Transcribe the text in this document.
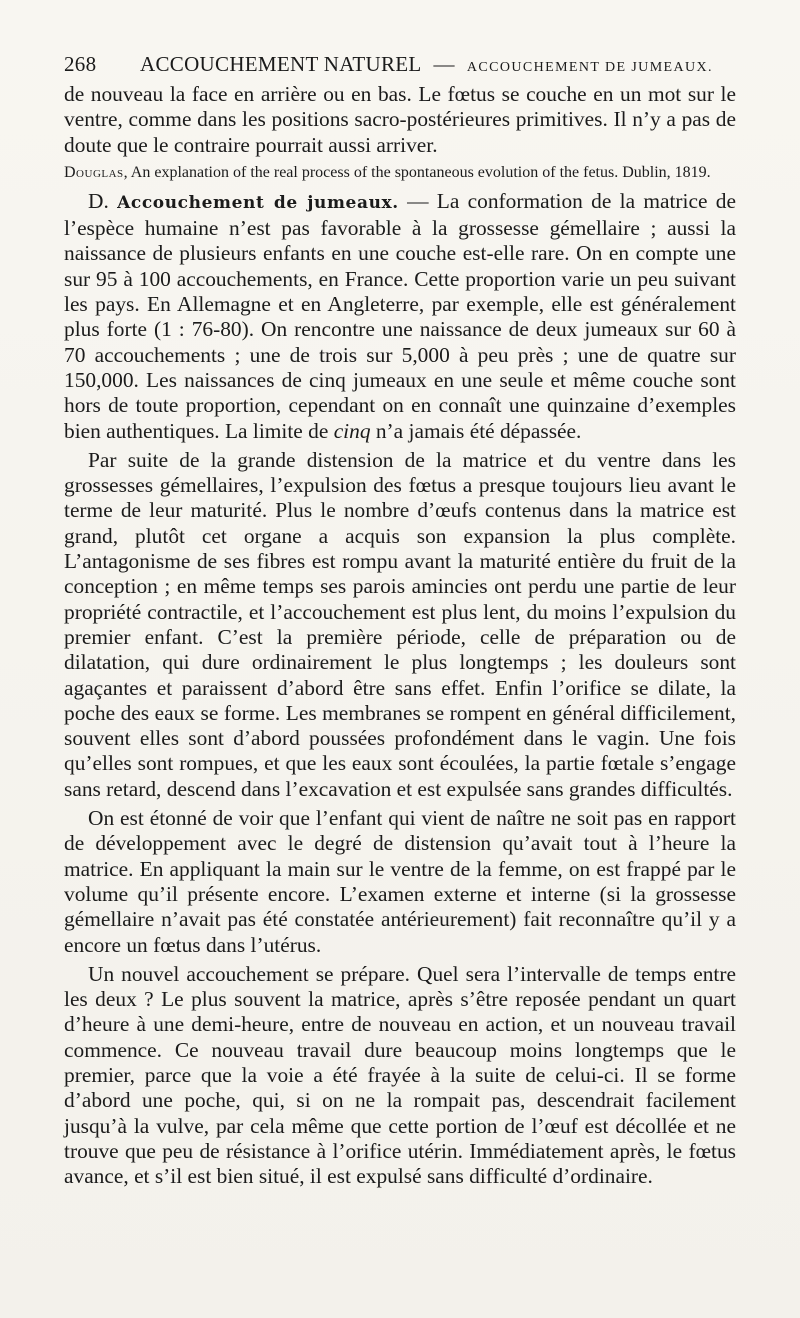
268	ACCOUCHEMENT NATUREL — ACCOUCHEMENT DE JUMEAUX.

de nouveau la face en arrière ou en bas. Le fœtus se couche en un mot sur le ventre, comme dans les positions sacro-postérieures primitives. Il n’y a pas de doute que le contraire pourrait aussi arriver.

Douglas, An explanation of the real process of the spontaneous evolution of the fetus. Dublin, 1819.

D. Accouchement de jumeaux. — La conformation de la matrice de l’espèce humaine n’est pas favorable à la grossesse gémellaire ; aussi la naissance de plusieurs enfants en une couche est-elle rare. On en compte une sur 95 à 100 accouchements, en France. Cette proportion varie un peu suivant les pays. En Allemagne et en Angleterre, par exemple, elle est généralement plus forte (1 : 76-80). On rencontre une naissance de deux jumeaux sur 60 à 70 accouchements ; une de trois sur 5,000 à peu près ; une de quatre sur 150,000. Les naissances de cinq jumeaux en une seule et même couche sont hors de toute proportion, cependant on en connaît une quinzaine d’exemples bien authentiques. La limite de cinq n’a jamais été dépassée.

Par suite de la grande distension de la matrice et du ventre dans les grossesses gémellaires, l’expulsion des fœtus a presque toujours lieu avant le terme de leur maturité. Plus le nombre d’œufs contenus dans la matrice est grand, plutôt cet organe a acquis son expansion la plus complète. L’antagonisme de ses fibres est rompu avant la maturité entière du fruit de la conception ; en même temps ses parois amincies ont perdu une partie de leur propriété contractile, et l’accouchement est plus lent, du moins l’expulsion du premier enfant. C’est la première période, celle de préparation ou de dilatation, qui dure ordinairement le plus longtemps ; les douleurs sont agaçantes et paraissent d’abord être sans effet. Enfin l’orifice se dilate, la poche des eaux se forme. Les membranes se rompent en général difficilement, souvent elles sont d’abord poussées profondément dans le vagin. Une fois qu’elles sont rompues, et que les eaux sont écoulées, la partie fœtale s’engage sans retard, descend dans l’excavation et est expulsée sans grandes difficultés.

On est étonné de voir que l’enfant qui vient de naître ne soit pas en rapport de développement avec le degré de distension qu’avait tout à l’heure la matrice. En appliquant la main sur le ventre de la femme, on est frappé par le volume qu’il présente encore. L’examen externe et interne (si la grossesse gémellaire n’avait pas été constatée antérieurement) fait reconnaître qu’il y a encore un fœtus dans l’utérus.

Un nouvel accouchement se prépare. Quel sera l’intervalle de temps entre les deux ? Le plus souvent la matrice, après s’être reposée pendant un quart d’heure à une demi-heure, entre de nouveau en action, et un nouveau travail commence. Ce nouveau travail dure beaucoup moins longtemps que le premier, parce que la voie a été frayée à la suite de celui-ci. Il se forme d’abord une poche, qui, si on ne la rompait pas, descendrait facilement jusqu’à la vulve, par cela même que cette portion de l’œuf est décollée et ne trouve que peu de résistance à l’orifice utérin. Immédiatement après, le fœtus avance, et s’il est bien situé, il est expulsé sans difficulté d’ordinaire.
